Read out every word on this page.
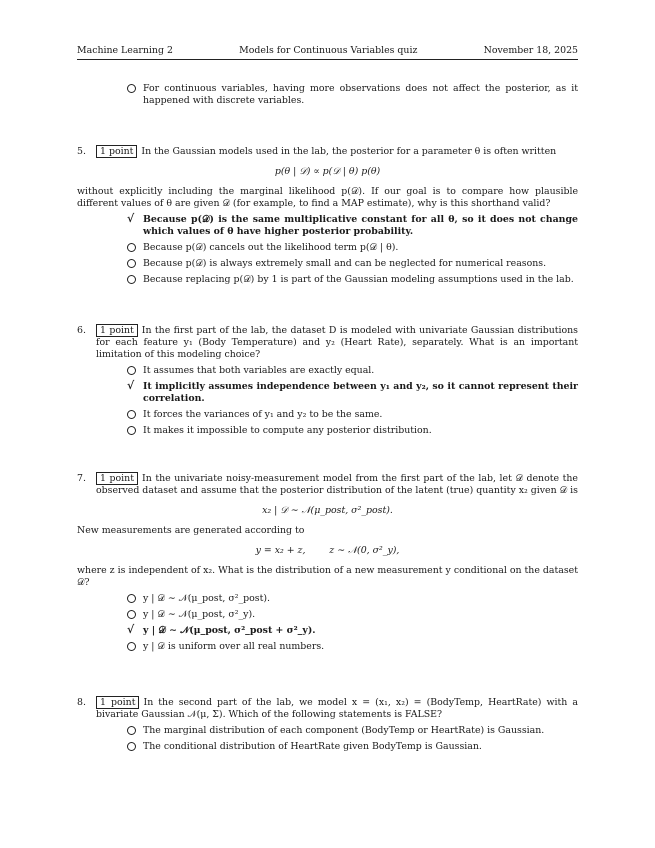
Machine Learning 2	Models for Continuous Variables quiz	November 18, 2025
For continuous variables, having more observations does not affect the posterior, as it happened with discrete variables.
5.	1 point In the Gaussian models used in the lab, the posterior for a parameter θ is often written
p(θ | 𝒟) ∝ p(𝒟 | θ) p(θ)
without explicitly including the marginal likelihood p(𝒟). If our goal is to compare how plausible different values of θ are given 𝒟 (for example, to find a MAP estimate), why is this shorthand valid?
√ Because p(𝒟) is the same multiplicative constant for all θ, so it does not change which values of θ have higher posterior probability.
Because p(𝒟) cancels out the likelihood term p(𝒟 | θ).
Because p(𝒟) is always extremely small and can be neglected for numerical reasons.
Because replacing p(𝒟) by 1 is part of the Gaussian modeling assumptions used in the lab.
6.	1 point In the first part of the lab, the dataset D is modeled with univariate Gaussian distributions for each feature y₁ (Body Temperature) and y₂ (Heart Rate), separately. What is an important limitation of this modeling choice?
It assumes that both variables are exactly equal.
√ It implicitly assumes independence between y₁ and y₂, so it cannot represent their correlation.
It forces the variances of y₁ and y₂ to be the same.
It makes it impossible to compute any posterior distribution.
7.	1 point In the univariate noisy-measurement model from the first part of the lab, let 𝒟 denote the observed dataset and assume that the posterior distribution of the latent (true) quantity x₂ given 𝒟 is
x₂ | 𝒟 ∼ 𝒩(μ_post, σ²_post).
New measurements are generated according to
y = x₂ + z,        z ∼ 𝒩(0, σ²_y),
where z is independent of x₂. What is the distribution of a new measurement y conditional on the dataset 𝒟?
y | 𝒟 ∼ 𝒩(μ_post, σ²_post).
y | 𝒟 ∼ 𝒩(μ_post, σ²_y).
√ y | 𝒟 ∼ 𝒩(μ_post, σ²_post + σ²_y).
y | 𝒟 is uniform over all real numbers.
8.	1 point In the second part of the lab, we model x = (x₁, x₂) = (BodyTemp, HeartRate) with a bivariate Gaussian 𝒩(μ, Σ). Which of the following statements is FALSE?
The marginal distribution of each component (BodyTemp or HeartRate) is Gaussian.
The conditional distribution of HeartRate given BodyTemp is Gaussian.
